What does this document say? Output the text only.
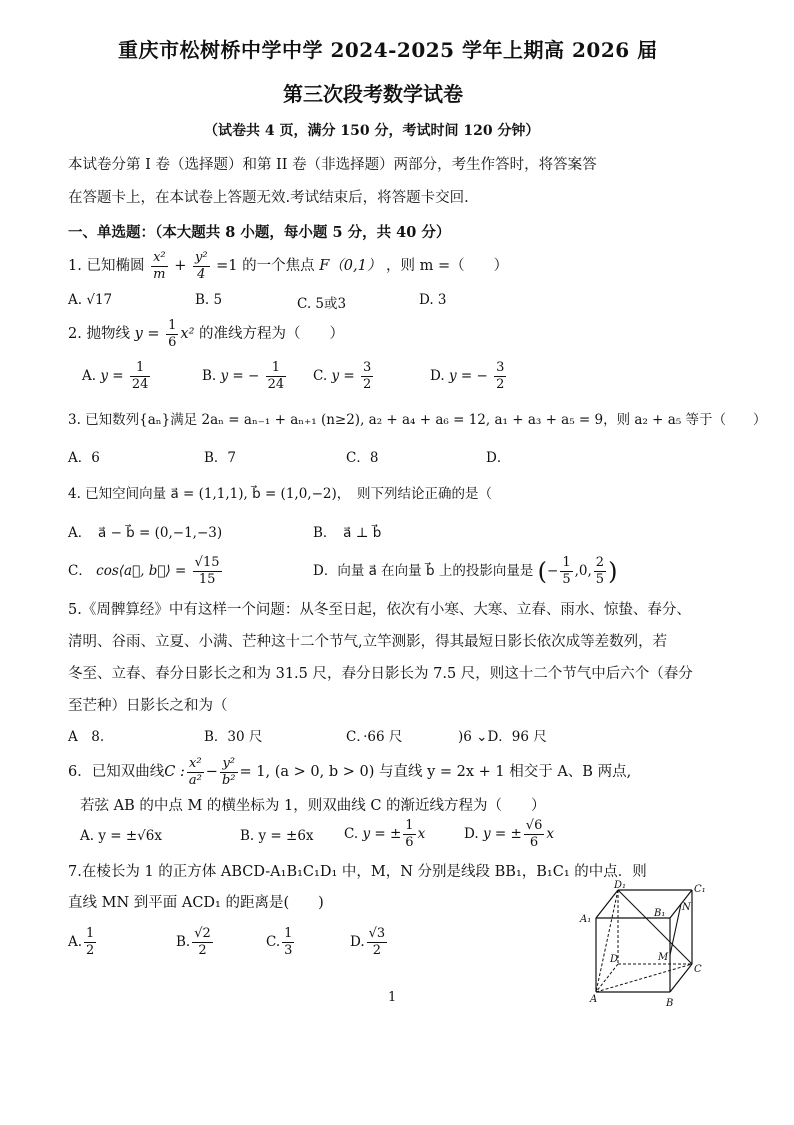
重庆市松树桥中学中学 2024-2025 学年上期高 2026 届
第三次段考数学试卷
（试卷共 4 页，满分 150 分，考试时间 120 分钟）
本试卷分第 I 卷（选择题）和第 II 卷（非选择题）两部分，考生作答时，将答案答
在答题卡上，在本试卷上答题无效.考试结束后，将答题卡交回.
一、单选题：（本大题共 8 小题，每小题 5 分，共 40 分）
1. 已知椭圆 $\frac{\text{x²}}{m} + \frac{\text{y²}}{4} =1$ 的一个焦点 F（0,1） ，则 m =（　　）
A. √17	B. 5	C. 5或3	D. 3
2. 抛物线 $y = \frac{1}{6} x^2$ 的准线方程为（　　）
A. $y = \frac{1}{24}$	B. y = − $\frac{1}{24} C$. $y = \frac{3}{2}$	D. y = − $\frac{3}{2}$
3. 已知数列{aₙ}满足 2aₙ = aₙ₋₁ + aₙ₊₁ (n≥2), a₂ + a₄ + a₆ = 12, a₁ + a₃ + a₅ = 9，则 a₂ + a₅ 等于（　　）
A．6	B．7	C．8	D．
4. 已知空间向量 a⃗ = (1,1,1), b⃗ = (1,0,−2)，　则下列结论正确的是（
A．　a⃗ − b⃗ = (0,−1,−3)	B．　a⃗ ⊥ b⃗
C． cos⟨a⃗, b⃗⟩ = $\frac{√15}{15}$	D．向量 a⃗ 在向量 b⃗ 上的投影向量是 (− $\frac{1}{5} ,0$, $\frac{2}{5}$ )
5.《周髀算经》中有这样一个问题：从冬至日起，依次有小寒、大寒、立春、雨水、惊蛰、春分、
清明、谷雨、立夏、小满、芒种这十二个节气,立竿测影，得其最短日影长依次成等差数列，若
冬至、立春、春分日影长之和为 31.5 尺，春分日影长为 7.5 尺，则这十二个节气中后六个（春分
至芒种）日影长之和为（
A　8.	B．30 尺	C．·66 尺	)6 ⌄D．96 尺
6．已知双曲线C : $\frac{\text{x²}}{\text{a²}} - \frac{\text{y²}}{\text{b²}} = 1$, (a > 0, b > 0) 与直线 y = 2x + 1 相交于 A、B 两点,
若弦 AB 的中点 M 的横坐标为 1，则双曲线 C 的渐近线方程为（　　）
A. y = ±√6x	B. y = ±6x C. y = ± $\frac{1}{6}$ x	D. y = ± $\frac{√6}{6}$ x
7.在棱长为 1 的正方体 ABCD-A₁B₁C₁D₁ 中，M，N 分别是线段 BB₁，B₁C₁ 的中点．则
直线 MN 到平面 ACD₁ 的距离是(　　)
A. $\frac{1}{2}$	B. $\frac{√2}{2}$	C. $\frac{1}{3}$	D. $\frac{√3}{2}$
D₁	C₁
A₁
B₁
N
D	M
C
A	B
1
